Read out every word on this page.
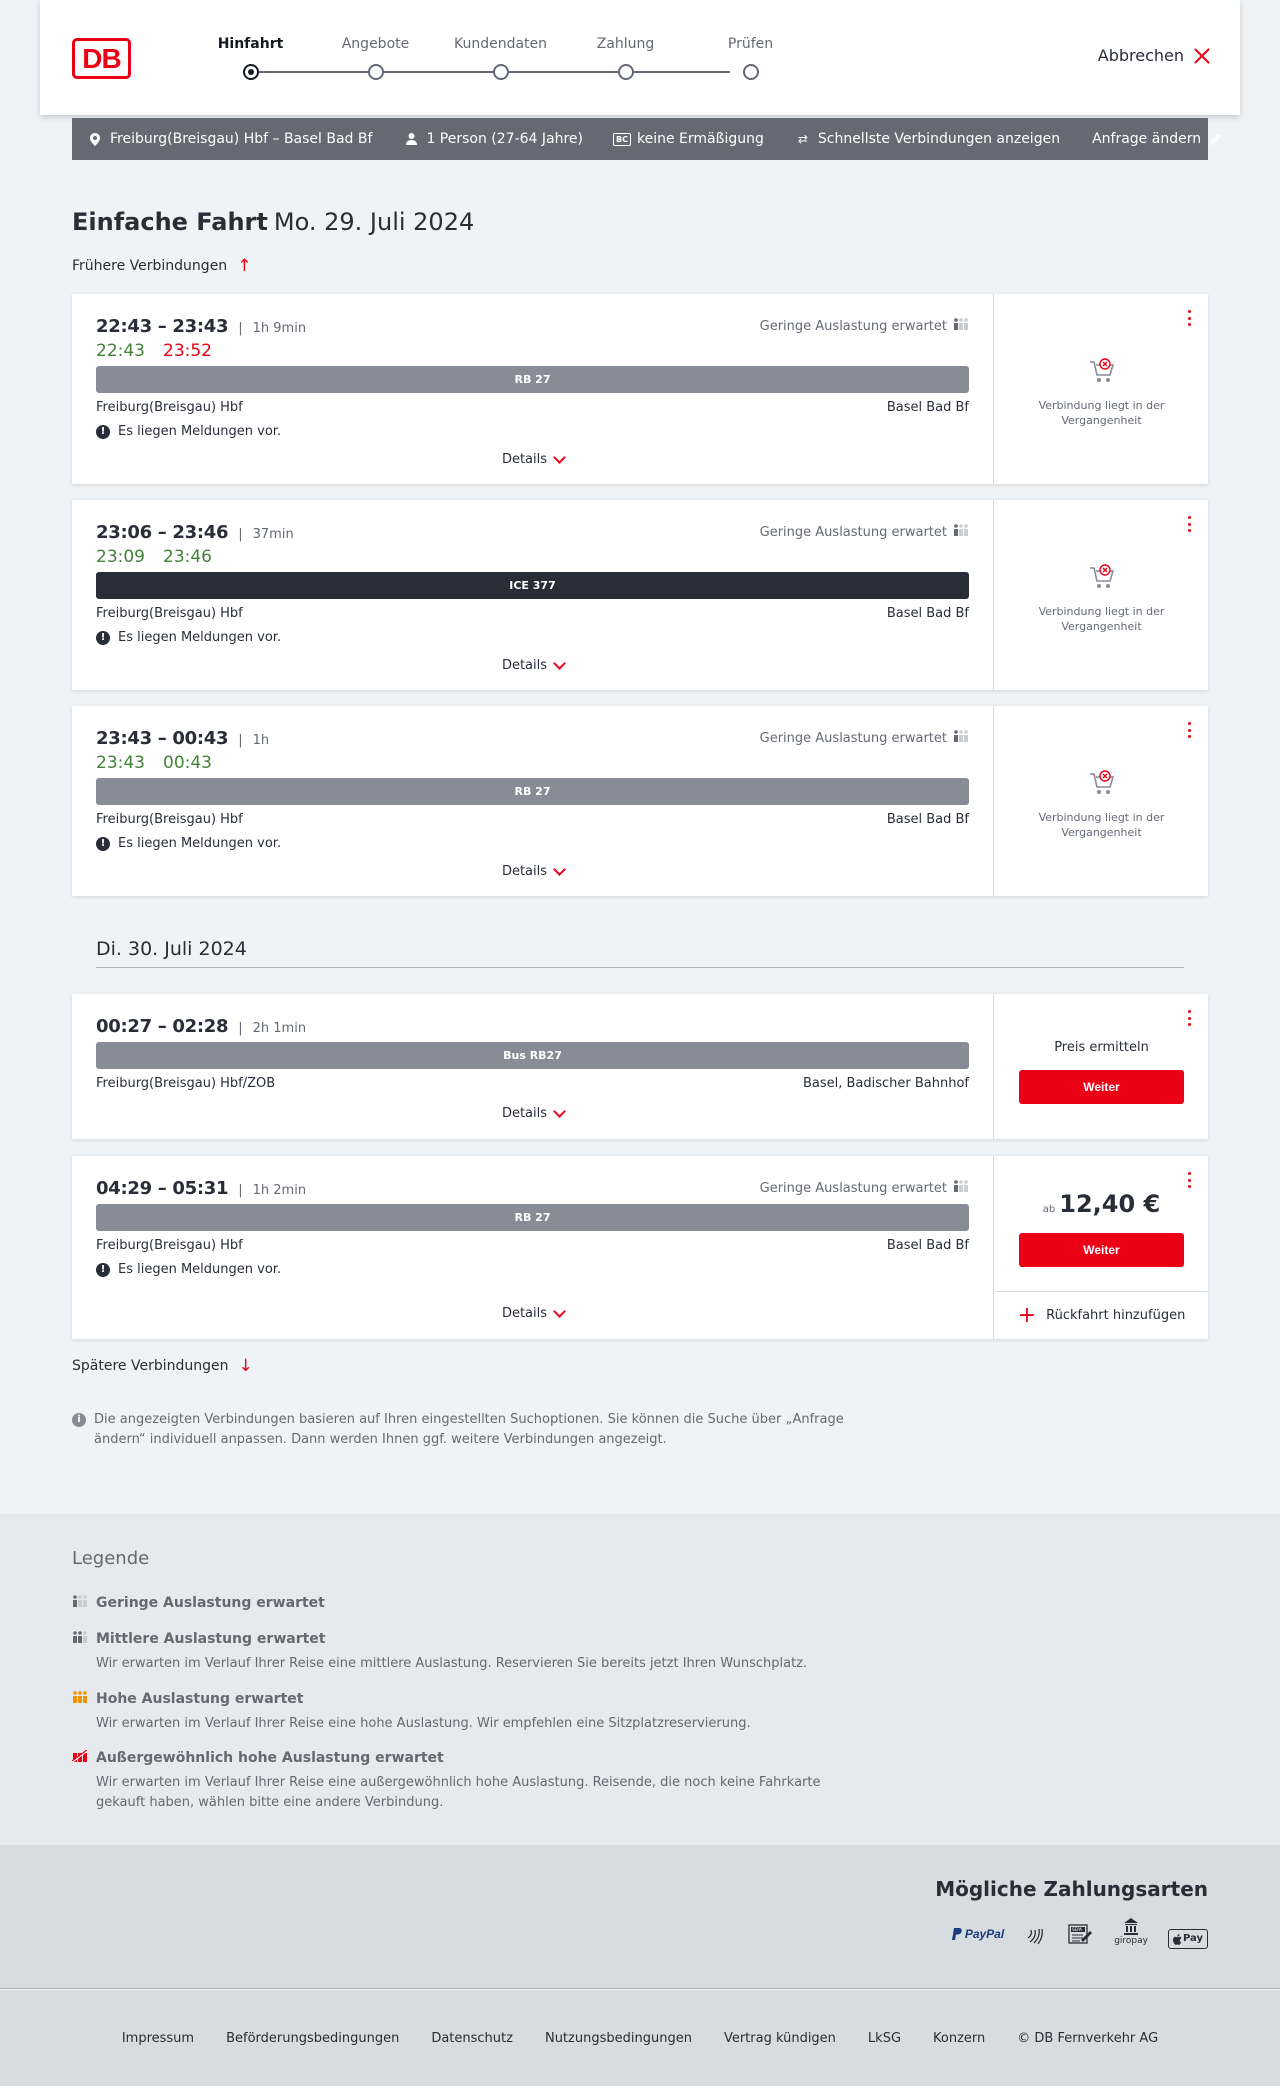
DB	Hinfahrt	Angebote	Kundendaten	Zahlung	Prüfen
Abbrechen
Freiburg(Breisgau) Hbf – Basel Bad Bf	1 Person (27-64 Jahre)	BC keine Ermäßigung	⇄ Schnellste Verbindungen anzeigen Anfrage ändern
Einfache Fahrt Mo. 29. Juli 2024
Frühere Verbindungen ↑
22:43 – 23:43 | 1h 9min	Geringe Auslastung erwartet
22:43 23:52
RB 27
Freiburg(Breisgau) Hbf	Basel Bad Bf
! Es liegen Meldungen vor.
Details
Verbindung liegt in der Vergangenheit
23:06 – 23:46 | 37min	Geringe Auslastung erwartet
23:09 23:46
ICE 377
Freiburg(Breisgau) Hbf	Basel Bad Bf
! Es liegen Meldungen vor.
Details
Verbindung liegt in der Vergangenheit
23:43 – 00:43 | 1h	Geringe Auslastung erwartet
23:43 00:43
RB 27
Freiburg(Breisgau) Hbf	Basel Bad Bf
! Es liegen Meldungen vor.
Details
Verbindung liegt in der Vergangenheit
Di. 30. Juli 2024
00:27 – 02:28 | 2h 1min
Bus RB27
Freiburg(Breisgau) Hbf/ZOB	Basel, Badischer Bahnhof
Details
Preis ermitteln
Weiter
04:29 – 05:31 | 1h 2min	Geringe Auslastung erwartet
RB 27
Freiburg(Breisgau) Hbf	Basel Bad Bf
! Es liegen Meldungen vor.
Details
ab 12,40 €
Weiter
+ Rückfahrt hinzufügen
Spätere Verbindungen ↓
i	Die angezeigten Verbindungen basieren auf Ihren eingestellten Suchoptionen. Sie können die Suche über „Anfrage ändern“ individuell anpassen. Dann werden Ihnen ggf. weitere Verbindungen angezeigt.
Legende
Geringe Auslastung erwartet
Mittlere Auslastung erwartet
Wir erwarten im Verlauf Ihrer Reise eine mittlere Auslastung. Reservieren Sie bereits jetzt Ihren Wunschplatz.
Hohe Auslastung erwartet
Wir erwarten im Verlauf Ihrer Reise eine hohe Auslastung. Wir empfehlen eine Sitzplatzreservierung.
Außergewöhnlich hohe Auslastung erwartet
Wir erwarten im Verlauf Ihrer Reise eine außergewöhnlich hohe Auslastung. Reisende, die noch keine Fahrkarte gekauft haben, wählen bitte eine andere Verbindung.
Mögliche Zahlungsarten
PayPal	SEPA
giropay	Pay
Impressum Beförderungsbedingungen Datenschutz Nutzungsbedingungen Vertrag kündigen LkSG Konzern © DB Fernverkehr AG
